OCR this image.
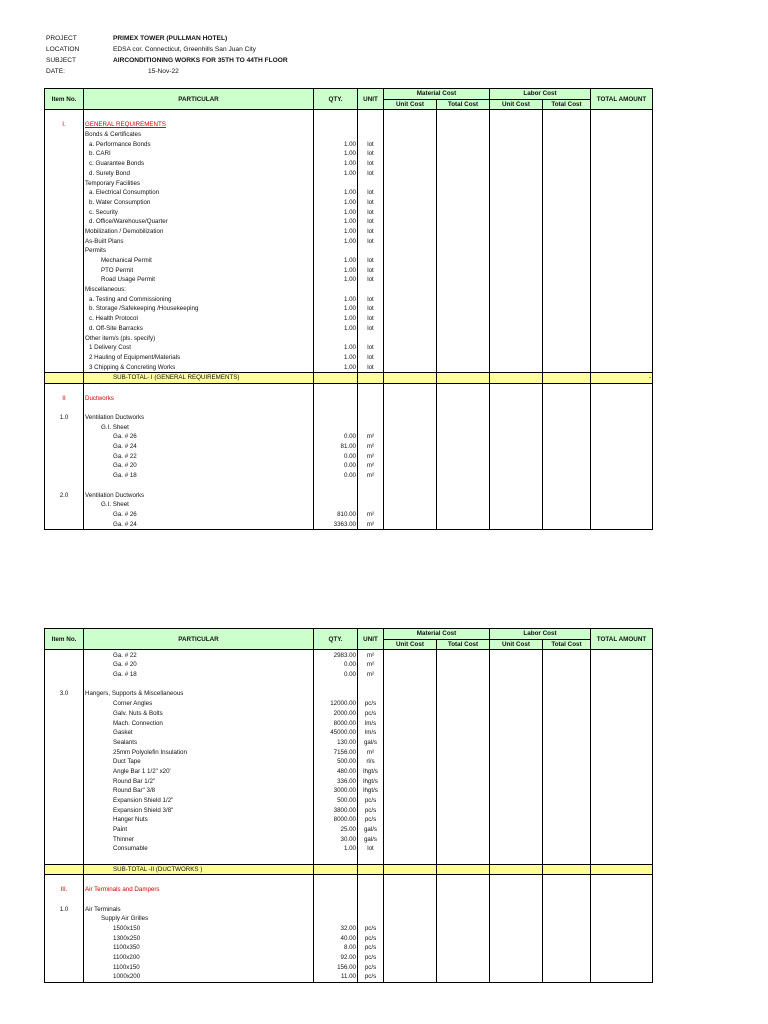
PROJECT	PRIMEX TOWER (PULLMAN HOTEL)
LOCATION	EDSA cor. Connecticut, Greenhills San Juan City
SUBJECT	AIRCONDITIONING WORKS FOR 35TH TO 44TH FLOOR
DATE:	15-Nov-22
Item No.	PARTICULAR	QTY.	UNIT	Material Cost		Labor Cost		TOTAL AMOUNT
				Unit Cost	Total Cost	Unit Cost	Total Cost	

I.	GENERAL REQUIREMENTS							
	Bonds & Certificates							
	a. Performance Bonds	1.00	lot					
	b. CARI	1.00	lot					
	c. Guarantee Bonds	1.00	lot					
	d. Surety Bond	1.00	lot					
	Temporary Facilities							
	a. Electrical Consumption	1.00	lot					
	b. Water Consumption	1.00	lot					
	c. Security	1.00	lot					
	d. Office/Warehouse/Quarter	1.00	lot					
	Mobilization / Demobilization	1.00	lot					
	As-Built Plans	1.00	lot					
	Permits							
	Mechanical Permit	1.00	lot					
	PTO Permit	1.00	lot					
	Road Usage Permit	1.00	lot					
	Miscellaneous:							
	a. Testing and Commissioning	1.00	lot					
	b. Storage /Safekeeping /Housekeeping	1.00	lot					
	c. Health Protocol	1.00	lot					
	d. Off-Site Barracks	1.00	lot					
	Other item/s (pls. specify)							
	1 Delivery Cost	1.00	lot					
	2 Hauling of Equipment/Materials	1.00	lot					
	3 Chipping & Concreting Works	1.00	lot					
	SUB-TOTAL- I (GENERAL REQUIREMENTS)							-

II	Ductworks							

1.0	Ventilation Ductworks							
	G.I. Sheet							
	Ga. # 26	0.00	m²					
	Ga. # 24	81.00	m²					
	Ga. # 22	0.00	m²					
	Ga. # 20	0.00	m²					
	Ga. # 18	0.00	m²					

2.0	Ventilation Ductworks							
	G.I. Sheet							
	Ga. # 26	810.00	m²					
	Ga. # 24	3363.00	m²					
Item No.	PARTICULAR	QTY.	UNIT	Material Cost		Labor Cost		TOTAL AMOUNT
				Unit Cost	Total Cost	Unit Cost	Total Cost	
	Ga. # 22	2983.00	m²					
	Ga. # 20	0.00	m²					
	Ga. # 18	0.00	m²					

3.0	Hangers, Supports & Miscellaneous							
	Corner Angles	12000.00	pc/s					
	Galv. Nuts & Bolts	2000.00	pc/s					
	Mach. Connection	8000.00	lm/s					
	Gasket	45000.00	lm/s					
	Sealants	130.00	gal/s					
	25mm Polyolefin Insulation	7156.00	m²					
	Duct Tape	500.00	rl/s					
	Angle Bar 1 1/2" x20'	480.00	lhgt/s					
	Round Bar 1/2"	336.00	lhgt/s					
	Round Bar" 3/8	3000.00	lhgt/s					
	Expansion Shield 1/2"	500.00	pc/s					
	Expansion Shield 3/8"	3800.00	pc/s					
	Hanger Nuts	8000.00	pc/s					
	Paint	25.00	gal/s					
	Thinner	30.00	gal/s					
	Consumable	1.00	lot					

	SUB-TOTAL -II (DUCTWORKS )							

III.	Air Terminals and Dampers							

1.0	Air Terminals							
	Supply Air Grilles							
	1500x150	32.00	pc/s					
	1300x250	40.00	pc/s					
	1100x350	8.00	pc/s					
	1100x200	92.00	pc/s					
	1100x150	156.00	pc/s					
	1000x200	11.00	pc/s					
